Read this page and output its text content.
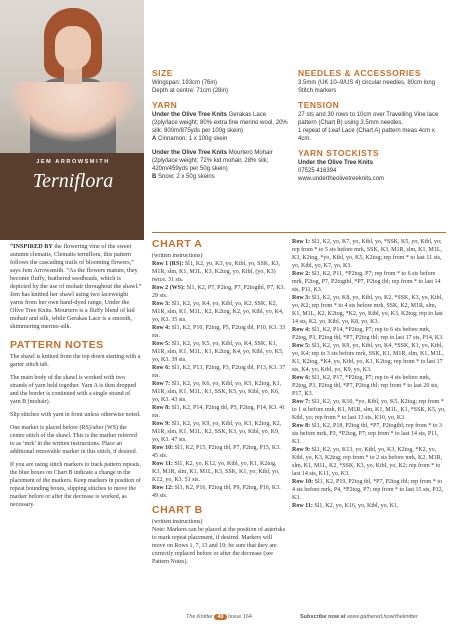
JEM ARROWSMITH
Terniflora
SIZE

Wingspan: 193cm (76in)

Depth at centre: 71cm (28in)

YARN

Under the Olive Tree Knits Gerakas Lace (2ply/lace weight; 80% extra fine merino wool, 20% silk; 800m/875yds per 100g skein)

A Cinnamon; 1 x 100g skein

Under the Olive Tree Knits Mourtero Mohair (2ply/lace weight; 72% kid mohair, 28% silk; 420m/459yds per 50g skein)

B Snow; 2 x 50g skeins

NEEDLES & ACCESSORIES

3.5mm (UK 10–9/US 4) circular needles, 80cm long

Stitch markers

TENSION

27 sts and 30 rows to 10cm over Travelling Vine lace pattern (Chart B) using 3.5mm needles.

1 repeat of Leaf Lace (Chart A) pattern meas 4cm x 4cm.

YARN STOCKISTS

Under the Olive Tree Knits

07525 416394

www.undertheolivetreeknits.com

“INSPIRED BY the flowering vine of the sweet autumn clematis, Clematis terniflora, this pattern follows the cascading trails of blooming flowers,” says Jem Arrowsmith. “As the flowers mature, they become fluffy, feathered seedheads, which is depicted by the use of mohair throughout the shawl.” Jem has knitted her shawl using two laceweight yarns from her own hand-dyed range, Under the Olive Tree Knits. Mourtero is a fluffy blend of kid mohair and silk, while Gerakas Lace is a smooth, shimmering merino-silk.

PATTERN NOTES

The shawl is knitted from the top down starting with a garter stitch tab.

The main body of the shawl is worked with two strands of yarn held together. Yarn A is then dropped and the border is continued with a single strand of yarn B (mohair).

Slip stitches with yarn in front unless otherwise noted.

One marker is placed before (RS)/after (WS) the centre stitch of the shawl. This is the marker referred to as ‘mrk’ in the written instructions. Place an additional removable marker in this stitch, if desired.

If you are using stitch markers to track pattern repeats, the blue boxes on Chart B indicate a change in the placement of the markers. Keep markers in position of repeat bounding boxes, slipping stitches to move the marker before or after the decrease is worked, as necessary.

CHART A

(written instructions)

Row 1 (RS): Sl1, K2, yo, K3, yo, Ktbl, yo, SSK, K3, M1R, slm, K1, M1L, K3, K2tog, yo, Ktbl, (yo, K3) twice. 31 sts.

Row 2 (WS): Sl1, K2, P7, P2tog, P7, P2togtbl, P7, K3. 29 sts.

Row 3: Sl1, K2, yo, K4, yo, Ktbl, yo, K2, SSK, K2, M1R, slm, K1, M1L, K2, K2tog, K2, yo, Ktbl, yo, K4, yo, K3. 35 sts.

Row 4: Sl1, K2, P10, P2tog, P5, P2tog tbl, P10, K3. 33 sts.

Row 5: Sl1, K2, yo, K5, yo, Ktbl, yo, K4, SSK, K1, M1R, slm, K1, M1L, K1, K2tog, K4, yo, Ktbl, yo, K5, yo, K3. 39 sts.

Row 6: Sl1, K2, P13, P2tog, P3, P2tog tbl, P13, K3. 37 sts.

Row 7: Sl1, K2, yo, K6, yo, Ktbl, yo, K5, K2tog, K1, M1R, slm, K1, M1L, K1, SSK, K5, yo, Ktbl, yo, K6, yo, K3. 43 sts.

Row 8: Sl1, K2, P14, P2tog tbl, P5, P2tog, P14, K3. 41 sts.

Row 9: Sl1, K2, yo, K9, yo, Ktbl, yo, K3, K2tog, K2, M1R, slm, K1, M1L, K2, SSK, K3, yo, Ktbl, yo, K9, yo, K3. 47 sts.

Row 10: Sl1, K2, P15, P2tog tbl, P7, P2tog, P15, K3. 45 sts.

Row 11: Sl1, K2, yo, K12, yo, Ktbl, yo, K1, K2tog, K3, M1R, slm, K1, M1L, K3, SSK, K1, yo, Ktbl, yo, K12, yo, K3. 51 sts.

Row 12: Sl1, K2, P16, P2tog tbl, P9, P2tog, P16, K3. 49 sts.

CHART B

(written instructions)

Note: Markers can be placed at the position of asterisks to mark repeat placement, if desired. Markers will move on Rows 1, 7, 13 and 19; be sure that they are correctly replaced before or after the decrease (see Pattern Notes).

Row 1: Sl1, K2, yo, K7, yo, Ktbl, yo, *SSK, K5, yo, Ktbl, yo; rep from * to 5 sts before mrk, SSK, K3, M1R, slm, K1, M1L, K3, K2tog, *yo, Ktbl, yo, K5, K2tog; rep from * to last 11 sts, yo, Ktbl, yo, K7, yo, K3.

Row 2: Sl1, K2, P11, *P2tog, P7; rep from * to 6 sts before mrk, P2tog, P7, P2togtbl, *P7, P2tog tbl; rep from * to last 14 sts, P11, K3.

Row 3: Sl1, K2, yo, K8, yo, Ktbl, yo, K2, *SSK, K3, yo, Ktbl, yo, K2; rep from * to 4 sts before mrk, SSK, K2, M1R, slm, K1, M1L, K2, K2tog, *K2, yo, Ktbl, yo, K3, K2tog; rep to last 14 sts, K2, yo, Ktbl, yo, K8, yo, K3.

Row 4: Sl1, K2, P14, *P2tog, P7; rep to 6 sts before mrk, P2tog, P3, P2tog tbl, *P7, P2tog tbl; rep to last 17 sts, P14, K3.

Row 5: Sl1, K2, yo, K9, yo, Ktbl, yo, K4, *SSK, K1, yo, Ktbl, yo, K4; rep to 3 sts before mrk, SSK, K1, M1R, slm, K1, M1L, K1, K2tog, *K4, yo, Ktbl, yo, K1, K2tog; rep from * to last 17 sts, K4, yo, Ktbl, yo, K9, yo, K3.

Row 6: Sl1, K2, P17, *P2tog, P7; rep to 4 sts before mrk, P2tog, P3, P2tog tbl, *P7, P2tog tbl; rep from * to last 20 sts, P17, K3.

Row 7: Sl1, K2, yo, K10, *yo, Ktbl, yo, K5, K2tog; rep from * to 1 st before mrk, K1, M1R, slm, K1, M1L, K1, *SSK, K5, yo, Ktbl, yo; rep from * to last 13 sts, K10, yo, K3.

Row 8: Sl1, K2, P18, P2tog tbl, *P7, P2togtbl; rep from * to 3 sts before mrk, P3, *P2tog, P7; rep from * to last 14 sts, P11, K3.

Row 9: Sl1, K2, yo, K13, yo, Ktbl, yo, K3, K2tog, *K2, yo, Ktbl, yo, K3, K2tog; rep from * to 2 sts before mrk, K2, M1R, slm, K1, M1L, K2, *SSK, K3, yo, Ktbl, yo, K2; rep from * to last 14 sts, K11, yo, K3.

Row 10: Sl1, K2, P19, P2tog tbl, *P7, P2tog tbl; rep from * to 4 sts before mrk, P4, *P2tog, P7; rep from * to last 15 sts, P12, K3.

Row 11: Sl1, K2, yo, K16, yo, Ktbl, yo, K1,

The Knitter 40 Issue 164	Subscribe now at www.gathered.how/theknitter
